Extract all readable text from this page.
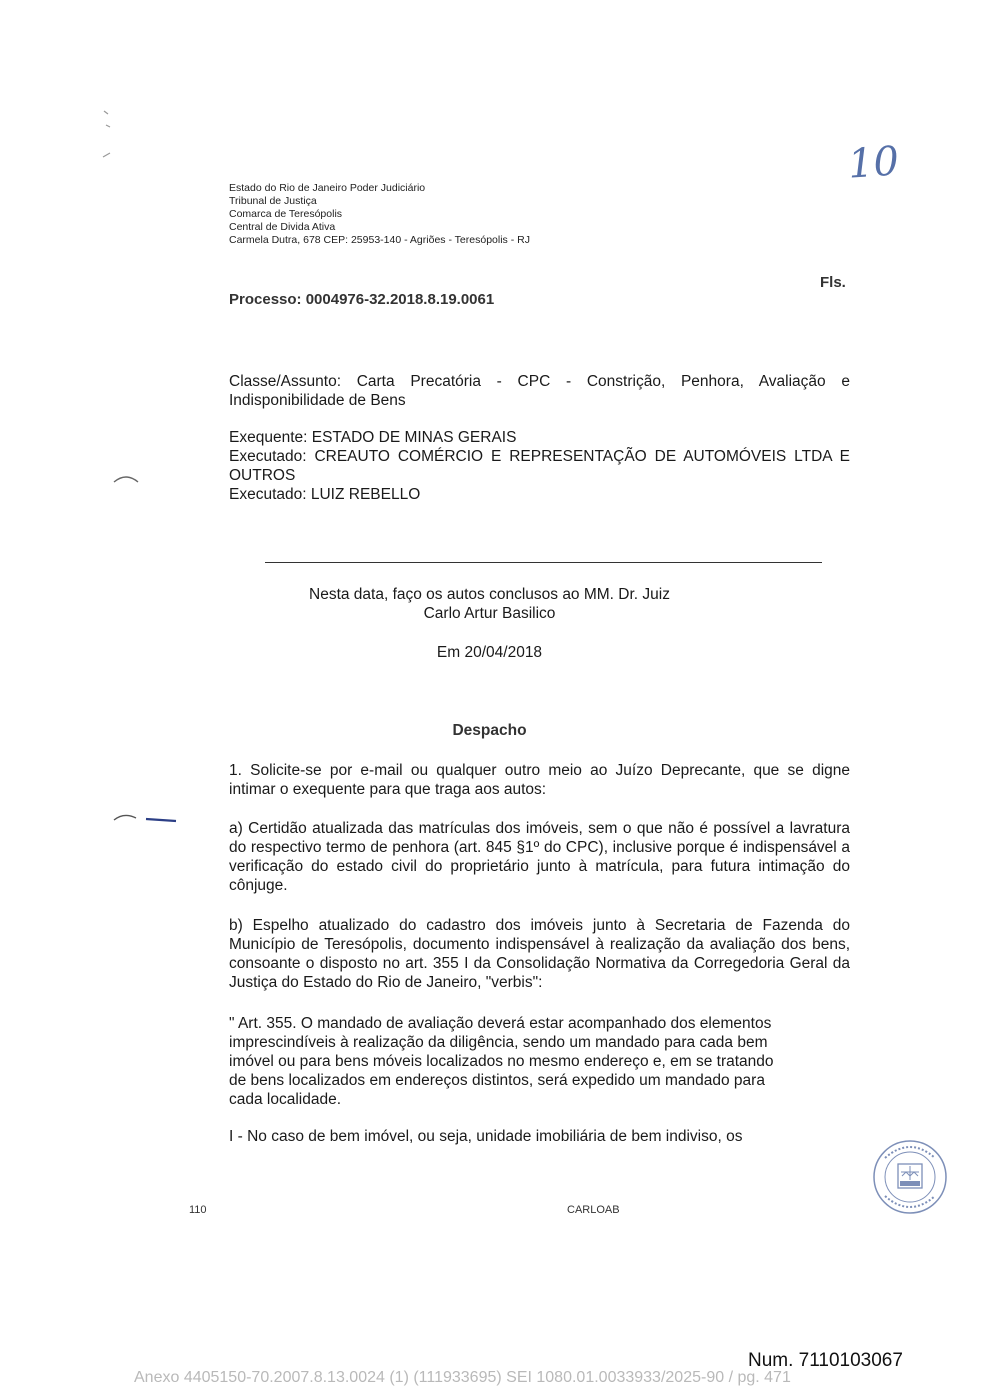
Estado do Rio de Janeiro Poder Judiciário
Tribunal de Justiça
Comarca de Teresópolis
Central de Divida Ativa
Carmela Dutra, 678 CEP: 25953-140 - Agriões - Teresópolis - RJ
10
Fls.
Processo: 0004976-32.2018.8.19.0061
Classe/Assunto: Carta Precatória - CPC - Constrição, Penhora, Avaliação e Indisponibilidade de Bens
Exequente: ESTADO DE MINAS GERAIS
Executado: CREAUTO COMÉRCIO E REPRESENTAÇÃO DE AUTOMÓVEIS LTDA E OUTROS
Executado: LUIZ REBELLO
Nesta data, faço os autos conclusos ao MM. Dr. Juiz
Carlo Artur Basilico
Em 20/04/2018
Despacho
1. Solicite-se por e-mail ou qualquer outro meio ao Juízo Deprecante, que se digne intimar o exequente para que traga aos autos:
a) Certidão atualizada das matrículas dos imóveis, sem o que não é possível a lavratura do respectivo termo de penhora (art. 845 §1º do CPC), inclusive porque é indispensável a verificação do estado civil do proprietário junto à matrícula, para futura intimação do cônjuge.
b) Espelho atualizado do cadastro dos imóveis junto à Secretaria de Fazenda do Município de Teresópolis, documento indispensável à realização da avaliação dos bens, consoante o disposto no art. 355 I da Consolidação Normativa da Corregedoria Geral da Justiça do Estado do Rio de Janeiro, "verbis":
" Art. 355. O mandado de avaliação deverá estar acompanhado dos elementos
imprescindíveis à realização da diligência, sendo um mandado para cada bem
imóvel ou para bens móveis localizados no mesmo endereço e, em se tratando
de bens localizados em endereços distintos, será expedido um mandado para
cada localidade.
I - No caso de bem imóvel, ou seja, unidade imobiliária de bem indiviso, os
110	CARLOAB
Num. 7110103067
Anexo 4405150-70.2007.8.13.0024 (1) (111933695) SEI 1080.01.0033933/2025-90 / pg. 471
